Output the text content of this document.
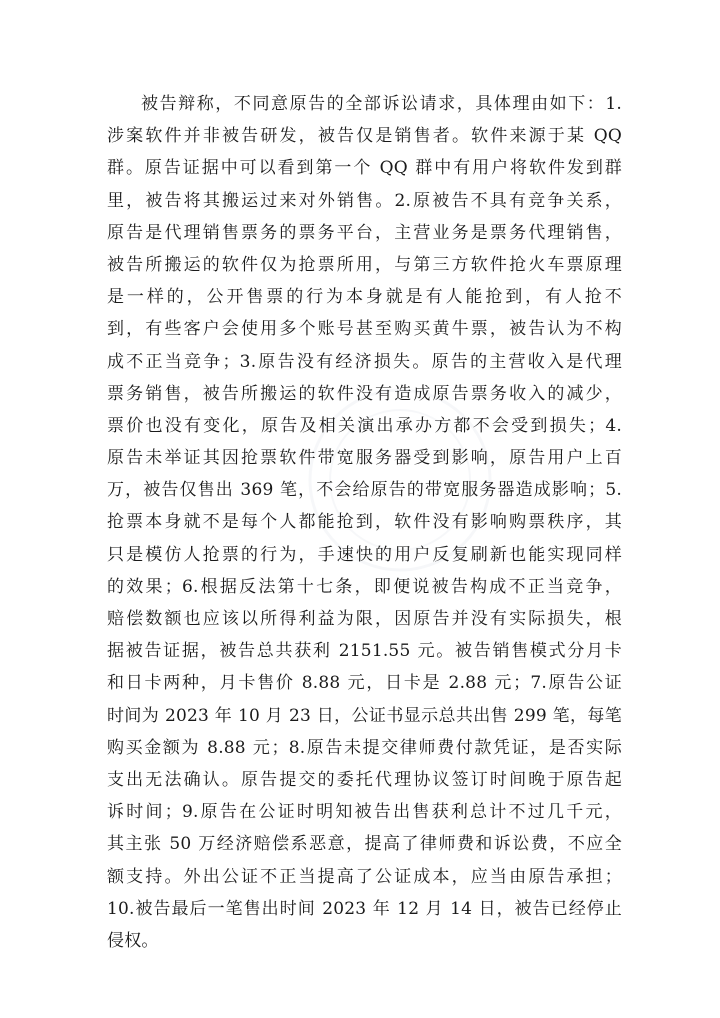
被告辩称，不同意原告的全部诉讼请求，具体理由如下：1.
涉案软件并非被告研发，被告仅是销售者。软件来源于某 QQ
群。原告证据中可以看到第一个 QQ 群中有用户将软件发到群
里，被告将其搬运过来对外销售。2.原被告不具有竞争关系，
原告是代理销售票务的票务平台，主营业务是票务代理销售，
被告所搬运的软件仅为抢票所用，与第三方软件抢火车票原理
是一样的，公开售票的行为本身就是有人能抢到，有人抢不
到，有些客户会使用多个账号甚至购买黄牛票，被告认为不构
成不正当竞争；3.原告没有经济损失。原告的主营收入是代理
票务销售，被告所搬运的软件没有造成原告票务收入的减少，
票价也没有变化，原告及相关演出承办方都不会受到损失；4.
原告未举证其因抢票软件带宽服务器受到影响，原告用户上百
万，被告仅售出 369 笔，不会给原告的带宽服务器造成影响；5.
抢票本身就不是每个人都能抢到，软件没有影响购票秩序，其
只是模仿人抢票的行为，手速快的用户反复刷新也能实现同样
的效果；6.根据反法第十七条，即便说被告构成不正当竞争，
赔偿数额也应该以所得利益为限，因原告并没有实际损失，根
据被告证据，被告总共获利 2151.55 元。被告销售模式分月卡
和日卡两种，月卡售价 8.88 元，日卡是 2.88 元；7.原告公证
时间为 2023 年 10 月 23 日，公证书显示总共出售 299 笔，每笔
购买金额为 8.88 元；8.原告未提交律师费付款凭证，是否实际
支出无法确认。原告提交的委托代理协议签订时间晚于原告起
诉时间；9.原告在公证时明知被告出售获利总计不过几千元，
其主张 50 万经济赔偿系恶意，提高了律师费和诉讼费，不应全
额支持。外出公证不正当提高了公证成本，应当由原告承担；
10.被告最后一笔售出时间 2023 年 12 月 14 日，被告已经停止
侵权。
